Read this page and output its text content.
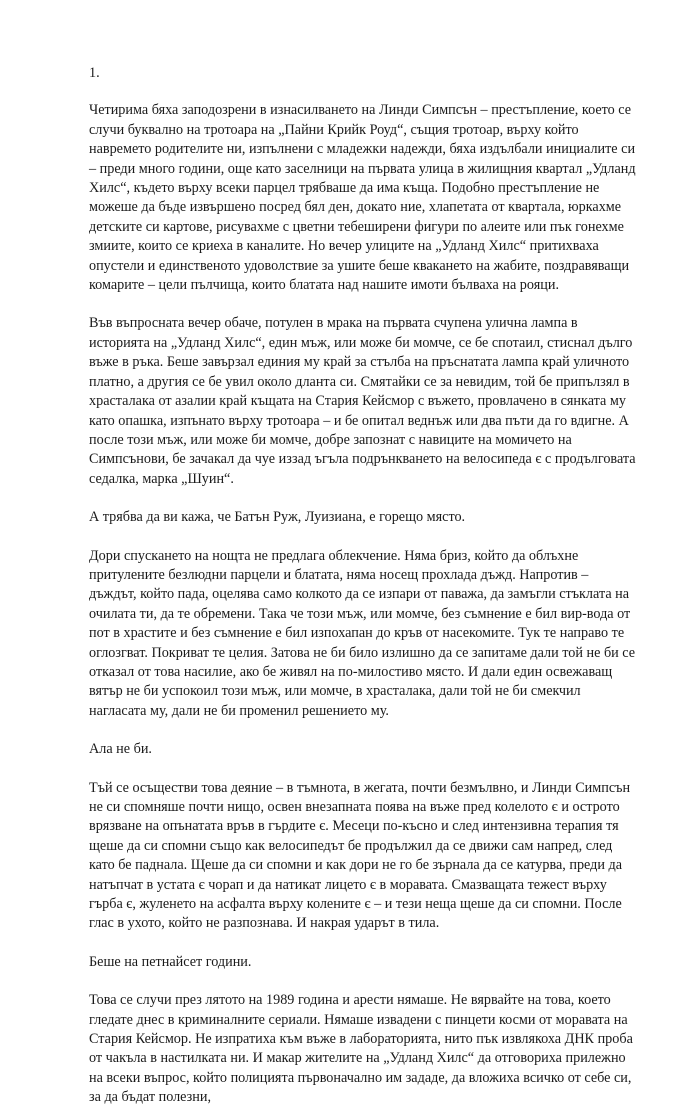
1.

Четирима бяха заподозрени в изнасилването на Линди Симпсън – престъпление, което се случи буквално на тротоара на „Пайни Крийк Роуд“, същия тротоар, върху който навремето родителите ни, изпълнени с младежки надежди, бяха издълбали инициалите си – преди много години, още като заселници на първата улица в жилищния квартал „Удланд Хилс“, където върху всеки парцел трябваше да има къща. Подобно престъпление не можеше да бъде извършено посред бял ден, докато ние, хлапетата от квартала, юркахме детските си картове, рисувахме с цветни тебеширени фигури по алеите или пък гонехме змиите, които се криеха в каналите. Но вечер улиците на „Удланд Хилс“ притихваха опустели и единственото удоволствие за ушите беше квакането на жабите, поздравяващи комарите – цели пълчища, които блатата над нашите имоти бълваха на рояци.

Във въпросната вечер обаче, потулен в мрака на първата счупена улична лампа в историята на „Удланд Хилс“, един мъж, или може би момче, се бе спотаил, стиснал дълго въже в ръка. Беше завързал единия му край за стълба на пръснатата лампа край уличното платно, а другия се бе увил около дланта си. Смятайки се за невидим, той бе припълзял в храсталака от азалии край къщата на Стария Кейсмор с въжето, провлачено в сянката му като опашка, изпънато върху тротоара – и бе опитал веднъж или два пъти да го вдигне. А после този мъж, или може би момче, добре запознат с навиците на момичето на Симпсънови, бе зачакал да чуе иззад ъгъла подрънкването на велосипеда є с продълговата седалка, марка „Шуин“.

А трябва да ви кажа, че Батън Руж, Луизиана, е горещо място.

Дори спускането на нощта не предлага облекчение. Няма бриз, който да облъхне притулените безлюдни парцели и блатата, няма носещ прохлада дъжд. Напротив – дъждът, който пада, оцелява само колкото да се изпари от паважа, да замъгли стъклата на очилата ти, да те обремени. Така че този мъж, или момче, без съмнение е бил вир-вода от пот в храстите и без съмнение е бил изпохапан до кръв от насекомите. Тук те направо те оглозгват. Покриват те целия. Затова не би било излишно да се запитаме дали той не би се отказал от това насилие, ако бе живял на по-милостиво място. И дали един освежаващ вятър не би успокоил този мъж, или момче, в храсталака, дали той не би смекчил нагласата му, дали не би променил решението му.

Ала не би.

Тъй се осъществи това деяние – в тъмнота, в жегата, почти безмълвно, и Линди Симпсън не си спомняше почти нищо, освен внезапната поява на въже пред колелото є и острото врязване на опънатата връв в гърдите є. Месеци по-късно и след интензивна терапия тя щеше да си спомни също как велосипедът бе продължил да се движи сам напред, след като бе паднала. Щеше да си спомни и как дори не го бе зърнала да се катурва, преди да натъпчат в устата є чорап и да натикат лицето є в моравата. Смазващата тежест върху гърба є, жуленето на асфалта върху колените є – и тези неща щеше да си спомни. После глас в ухото, който не разпознава. И накрая ударът в тила.

Беше на петнайсет години.

Това се случи през лятото на 1989 година и арести нямаше. Не вярвайте на това, което гледате днес в криминалните сериали. Нямаше извадени с пинцети косми от моравата на Стария Кейсмор. Не изпратиха към въже в лабораторията, нито пък извлякоха ДНК проба от чакъла в настилката ни. И макар жителите на „Удланд Хилс“ да отговориха прилежно на всеки въпрос, който полицията първоначално им зададе, да вложиха всичко от себе си, за да бъдат полезни,
